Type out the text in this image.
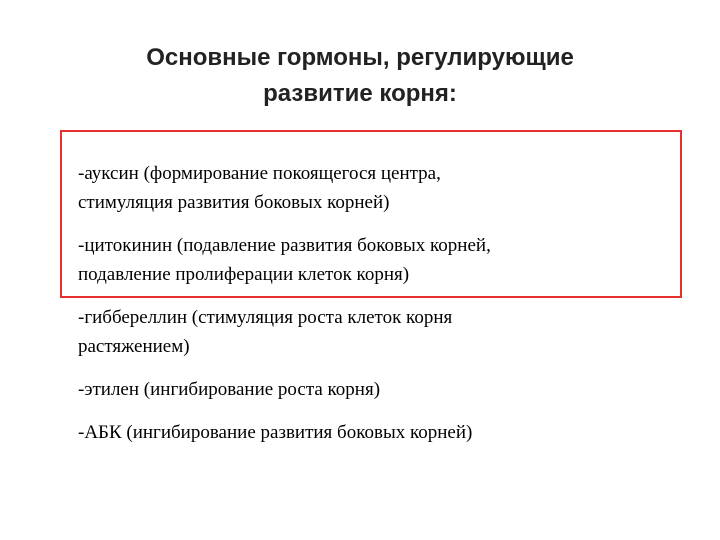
Основные гормоны, регулирующие
развитие корня:
-ауксин (формирование покоящегося центра,
стимуляция развития боковых корней)
-цитокинин (подавление развития боковых корней,
подавление пролиферации клеток корня)
-гиббереллин (стимуляция роста клеток корня
растяжением)
-этилен (ингибирование роста корня)
-АБК (ингибирование развития боковых корней)
